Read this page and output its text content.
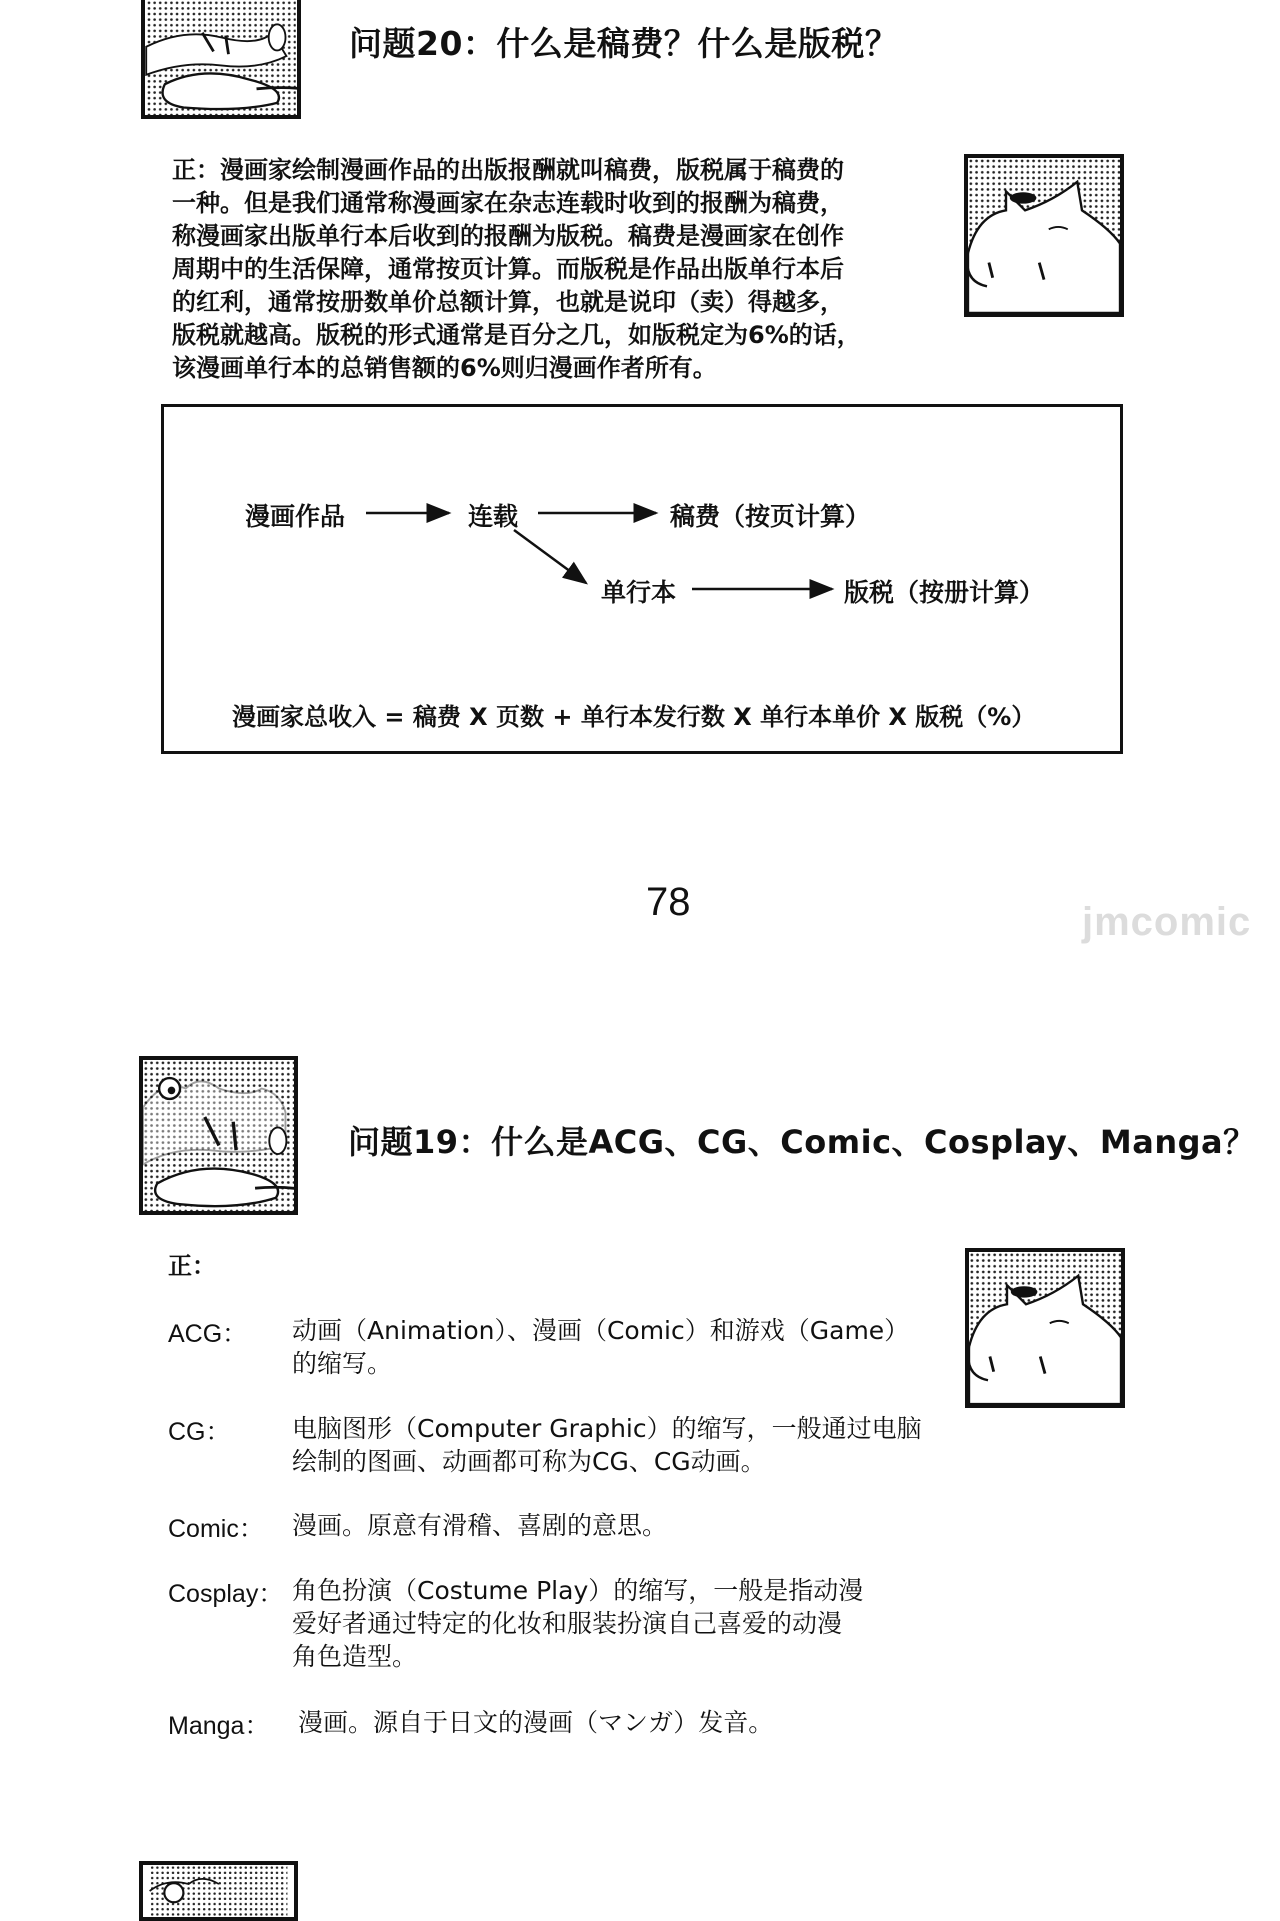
问题20：什么是稿费？什么是版税？
正：漫画家绘制漫画作品的出版报酬就叫稿费，版税属于稿费的
一种。但是我们通常称漫画家在杂志连载时收到的报酬为稿费，
称漫画家出版单行本后收到的报酬为版税。稿费是漫画家在创作
周期中的生活保障，通常按页计算。而版税是作品出版单行本后
的红利，通常按册数单价总额计算，也就是说印（卖）得越多，
版税就越高。版税的形式通常是百分之几，如版税定为6%的话，
该漫画单行本的总销售额的6%则归漫画作者所有。
漫画作品	连载	稿费（按页计算）
单行本	版税（按册计算）
漫画家总收入 = 稿费 X 页数 + 单行本发行数 X 单行本单价 X 版税（%）
78	jmcomic
问题19：什么是ACG、CG、Comic、Cosplay、Manga？
正：
ACG： 动画（Animation）、漫画（Comic）和游戏（Game）
的缩写。
CG： 电脑图形（Computer Graphic）的缩写，一般通过电脑
绘制的图画、动画都可称为CG、CG动画。
Comic： 漫画。原意有滑稽、喜剧的意思。
Cosplay： 角色扮演（Costume Play）的缩写，一般是指动漫
爱好者通过特定的化妆和服装扮演自己喜爱的动漫
角色造型。
Manga： 漫画。源自于日文的漫画（マンガ）发音。
